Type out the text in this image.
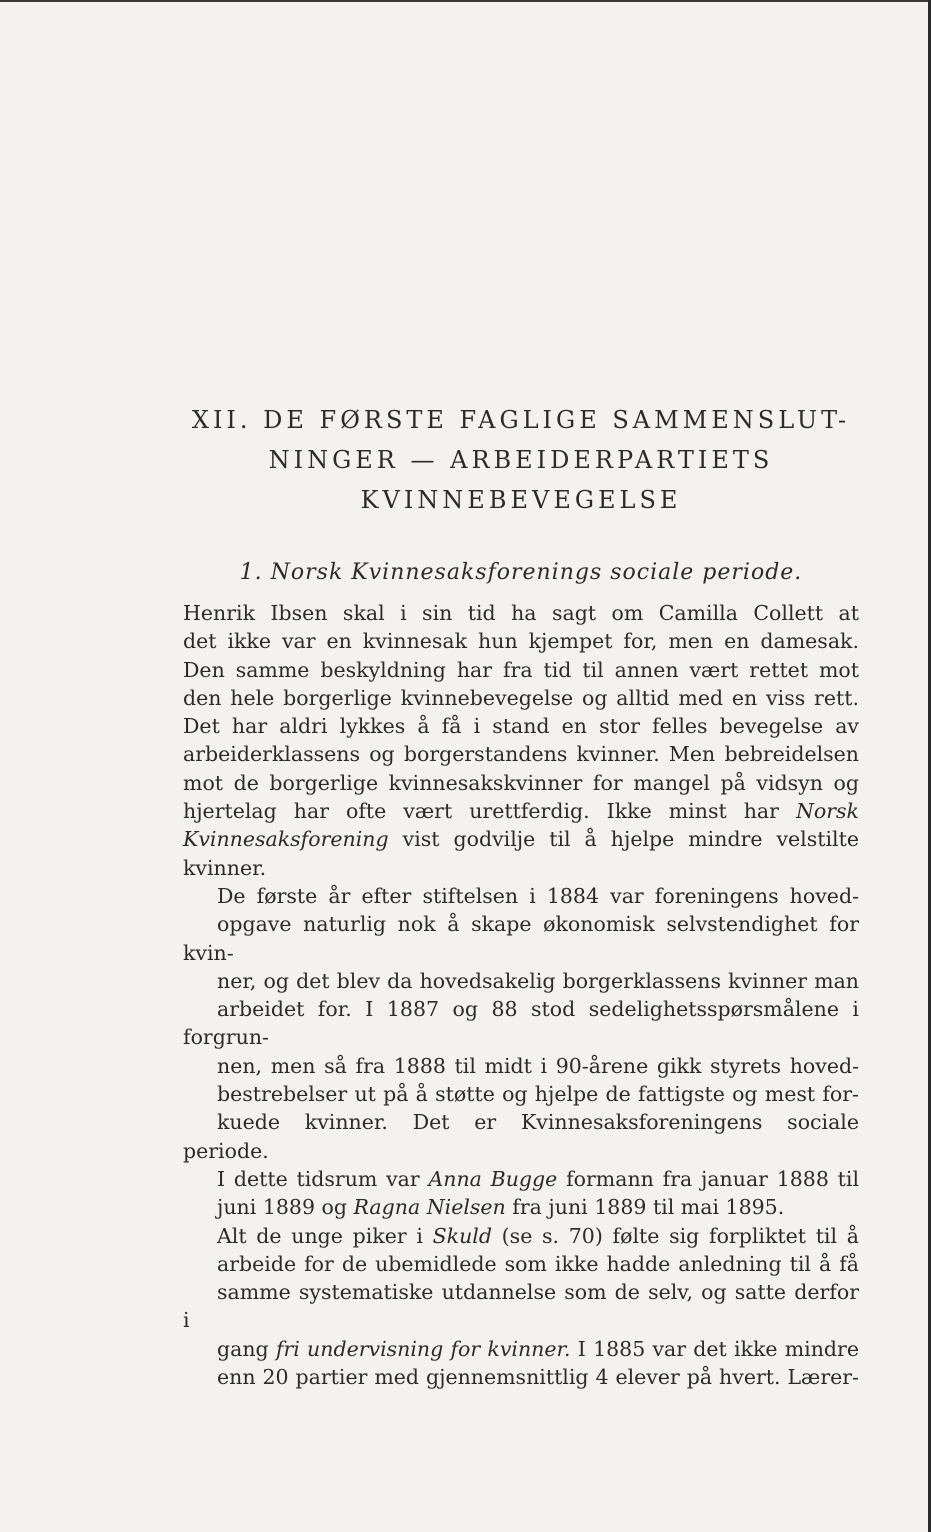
XII. DE FØRSTE FAGLIGE SAMMENSLUT-
NINGER — ARBEIDERPARTIETS
KVINNEBEVEGELSE
1. Norsk Kvinnesaksforenings sociale periode.

Henrik Ibsen skal i sin tid ha sagt om Camilla Collett at
det ikke var en kvinnesak hun kjempet for, men en damesak.
Den samme beskyldning har fra tid til annen vært rettet mot
den hele borgerlige kvinnebevegelse og alltid med en viss rett.
Det har aldri lykkes å få i stand en stor felles bevegelse av
arbeiderklassens og borgerstandens kvinner. Men bebreidelsen
mot de borgerlige kvinnesakskvinner for mangel på vidsyn og
hjertelag har ofte vært urettferdig. Ikke minst har Norsk
Kvinnesaksforening vist godvilje til å hjelpe mindre velstilte
kvinner.

De første år efter stiftelsen i 1884 var foreningens hoved-
opgave naturlig nok å skape økonomisk selvstendighet for kvin-
ner, og det blev da hovedsakelig borgerklassens kvinner man
arbeidet for. I 1887 og 88 stod sedelighetsspørsmålene i forgrun-
nen, men så fra 1888 til midt i 90-årene gikk styrets hoved-
bestrebelser ut på å støtte og hjelpe de fattigste og mest for-
kuede kvinner. Det er Kvinnesaksforeningens sociale periode.
I dette tidsrum var Anna Bugge formann fra januar 1888 til
juni 1889 og Ragna Nielsen fra juni 1889 til mai 1895.

Alt de unge piker i Skuld (se s. 70) følte sig forpliktet til å
arbeide for de ubemidlede som ikke hadde anledning til å få
samme systematiske utdannelse som de selv, og satte derfor i
gang fri undervisning for kvinner. I 1885 var det ikke mindre
enn 20 partier med gjennemsnittlig 4 elever på hvert. Lærer-
